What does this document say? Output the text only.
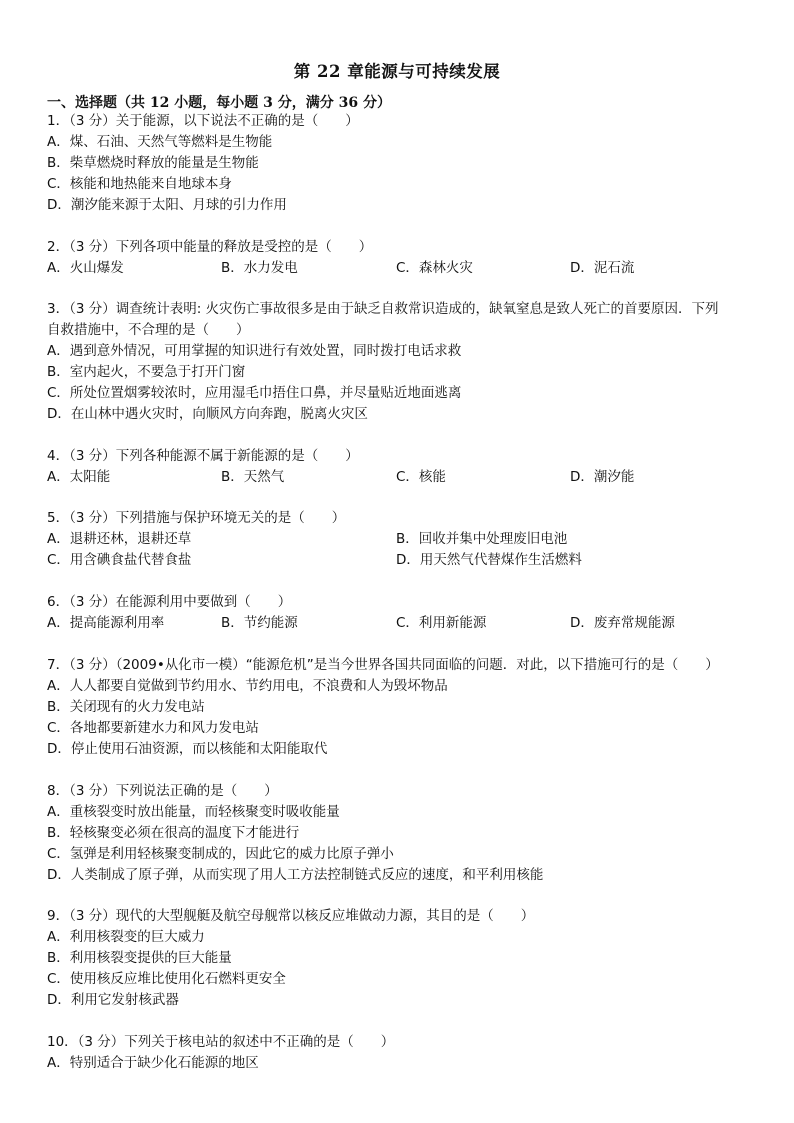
第 22 章能源与可持续发展
一、选择题（共 12 小题，每小题 3 分，满分 36 分）
1．（3 分）关于能源，以下说法不正确的是（　　）
A．煤、石油、天然气等燃料是生物能
B．柴草燃烧时释放的能量是生物能
C．核能和地热能来自地球本身
D．潮汐能来源于太阳、月球的引力作用
2．（3 分）下列各项中能量的释放是受控的是（　　）
A．火山爆发	B．水力发电	C．森林火灾	D．泥石流
3．（3 分）调查统计表明: 火灾伤亡事故很多是由于缺乏自救常识造成的，缺氧窒息是致人死亡的首要原因．下列
自救措施中，不合理的是（　　）
A．遇到意外情况，可用掌握的知识进行有效处置，同时拨打电话求救
B．室内起火，不要急于打开门窗
C．所处位置烟雾较浓时，应用湿毛巾捂住口鼻，并尽量贴近地面逃离
D．在山林中遇火灾时，向顺风方向奔跑，脱离火灾区
4．（3 分）下列各种能源不属于新能源的是（　　）
A．太阳能	B．天然气	C．核能	D．潮汐能
5．（3 分）下列措施与保护环境无关的是（　　）
A．退耕还林，退耕还草	B．回收并集中处理废旧电池
C．用含碘食盐代替食盐	D．用天然气代替煤作生活燃料
6．（3 分）在能源利用中要做到（　　）
A．提高能源利用率	B．节约能源	C．利用新能源	D．废弃常规能源
7．（3 分）（2009•从化市一模）“能源危机”是当今世界各国共同面临的问题．对此，以下措施可行的是（　　）
A．人人都要自觉做到节约用水、节约用电，不浪费和人为毁坏物品
B．关闭现有的火力发电站
C．各地都要新建水力和风力发电站
D．停止使用石油资源，而以核能和太阳能取代
8．（3 分）下列说法正确的是（　　）
A．重核裂变时放出能量，而轻核聚变时吸收能量
B．轻核聚变必须在很高的温度下才能进行
C．氢弹是利用轻核聚变制成的，因此它的威力比原子弹小
D．人类制成了原子弹，从而实现了用人工方法控制链式反应的速度，和平利用核能
9．（3 分）现代的大型舰艇及航空母舰常以核反应堆做动力源，其目的是（　　）
A．利用核裂变的巨大威力
B．利用核裂变提供的巨大能量
C．使用核反应堆比使用化石燃料更安全
D．利用它发射核武器
10．（3 分）下列关于核电站的叙述中不正确的是（　　）
A．特别适合于缺少化石能源的地区
